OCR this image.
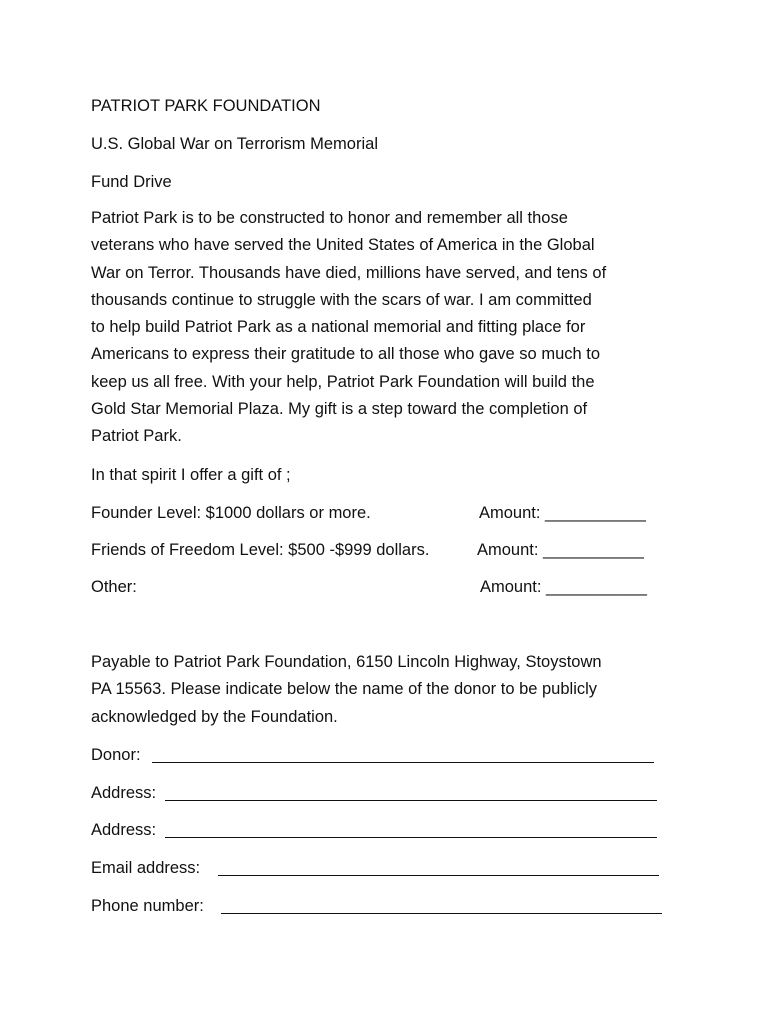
PATRIOT PARK FOUNDATION
U.S. Global War on Terrorism Memorial
Fund Drive
Patriot Park is to be constructed to honor and remember all those
veterans who have served the United States of America in the Global
War on Terror. Thousands have died, millions have served, and tens of
thousands continue to struggle with the scars of war. I am committed
to help build Patriot Park as a national memorial and fitting place for
Americans to express their gratitude to all those who gave so much to
keep us all free. With your help, Patriot Park Foundation will build the
Gold Star Memorial Plaza. My gift is a step toward the completion of
Patriot Park.
In that spirit I offer a gift of ;
Founder Level: $1000 dollars or more.	Amount: ___________
Friends of Freedom Level: $500 -$999 dollars.	Amount: ___________
Other:	Amount: ___________
Payable to Patriot Park Foundation, 6150 Lincoln Highway, Stoystown
PA 15563. Please indicate below the name of the donor to be publicly
acknowledged by the Foundation.
Donor:
Address:
Address:
Email address:
Phone number:
